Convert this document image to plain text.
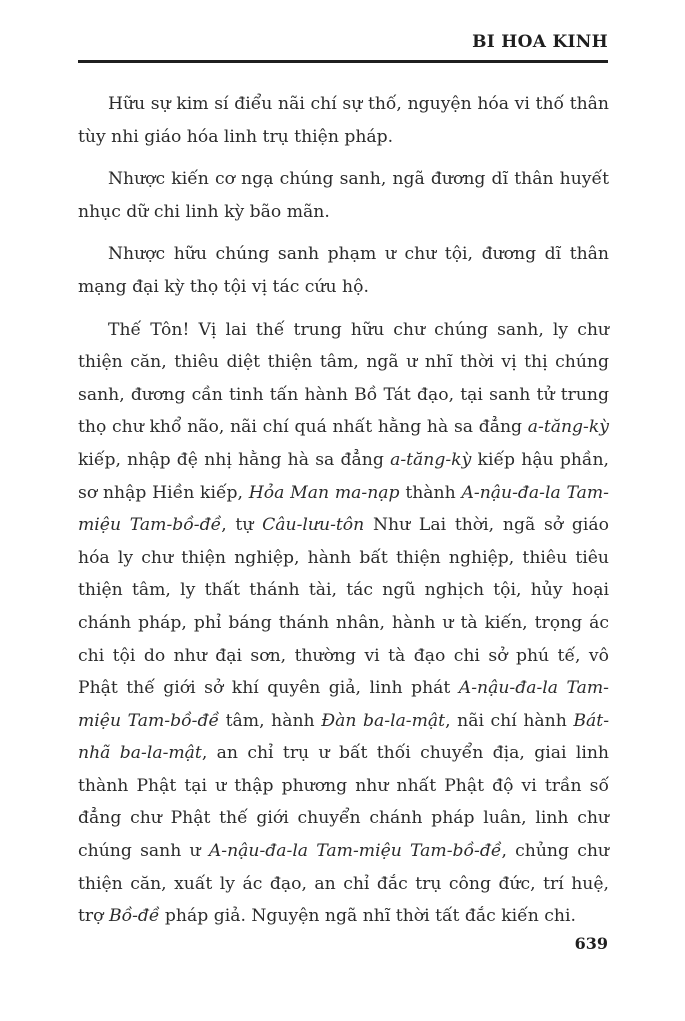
BI HOA KINH

Hữu sự kim sí điểu nãi chí sự thố, nguyện hóa vi thố thân tùy nhi giáo hóa linh trụ thiện pháp.

Nhược kiến cơ ngạ chúng sanh, ngã đương dĩ thân huyết nhục dữ chi linh kỳ bão mãn.

Nhược hữu chúng sanh phạm ư chư tội, đương dĩ thân mạng đại kỳ thọ tội vị tác cứu hộ.

Thế Tôn! Vị lai thế trung hữu chư chúng sanh, ly chư thiện căn, thiêu diệt thiện tâm, ngã ư nhĩ thời vị thị chúng sanh, đương cần tinh tấn hành Bồ Tát đạo, tại sanh tử trung thọ chư khổ não, nãi chí quá nhất hằng hà sa đẳng a-tăng-kỳ kiếp, nhập đệ nhị hằng hà sa đẳng a-tăng-kỳ kiếp hậu phần, sơ nhập Hiền kiếp, Hỏa Man ma-nạp thành A-nậu-đa-la Tam-miệu Tam-bồ-đề, tự Câu-lưu-tôn Như Lai thời, ngã sở giáo hóa ly chư thiện nghiệp, hành bất thiện nghiệp, thiêu tiêu thiện tâm, ly thất thánh tài, tác ngũ nghịch tội, hủy hoại chánh pháp, phỉ báng thánh nhân, hành ư tà kiến, trọng ác chi tội do như đại sơn, thường vi tà đạo chi sở phú tế, vô Phật thế giới sở khí quyên giả, linh phát A-nậu-đa-la Tam-miệu Tam-bồ-đề tâm, hành Đàn ba-la-mật, nãi chí hành Bát-nhã ba-la-mật, an chỉ trụ ư bất thối chuyển địa, giai linh thành Phật tại ư thập phương như nhất Phật độ vi trần số đẳng chư Phật thế giới chuyển chánh pháp luân, linh chư chúng sanh ư A-nậu-đa-la Tam-miệu Tam-bồ-đề, chủng chư thiện căn, xuất ly ác đạo, an chỉ đắc trụ công đức, trí huệ, trợ Bồ-đề pháp giả. Nguyện ngã nhĩ thời tất đắc kiến chi.

639
